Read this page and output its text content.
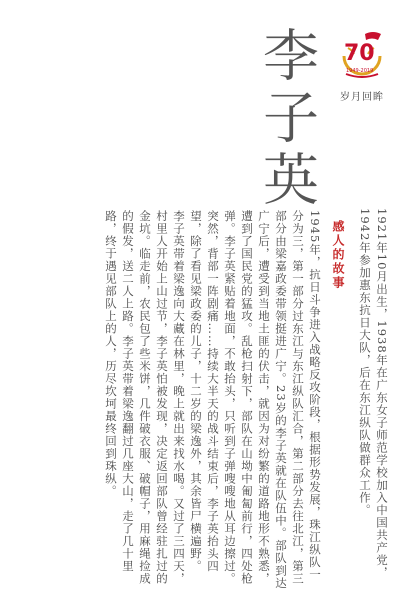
70
1949-2019
岁月回眸
李子英

1921年10月出生，1938年在广东女子师范学校加入中国共产党，1942年参加惠东抗日大队，后在东江纵队做群众工作。

感人的故事

1945年，抗日斗争进入战略反攻阶段，根据形势发展，珠江纵队一分为三，第一部分过东江与东江纵队汇合，第二部分去往北江，第三部分由梁嘉政委带领挺进广宁。23岁的李子英就在队伍中。部队到达广宁后，遭受到当地土匪的伏击，就因为对纷繁的道路地形不熟悉，遭到了国民党的猛攻。乱枪扫射下，部队在山坳中匍匐前行，四处枪弹。李子英紧贴着地面，不敢抬头，只听到子弹嗖嗖地从耳边擦过。突然，背部一阵剧痛……持续大半天的战斗结束后，李子英抬头四望，除了看见梁政委的儿子，十二岁的梁逸外，其余皆尸横遍野。

李子英带着梁逸向大藏在林里，晚上就出来找水喝。又过了三四天，村里人开始上山过节，李子英怕被发现，决定返回部队曾经驻扎过的金坑。临走前，农民包了些米饼，几件破衣服、破帽子，用麻绳捡成的假发，送二人上路。李子英带着梁逸翻过几座大山，走了几十里路，终于遇见部队上的人，历尽坎坷最终回到珠纵。
